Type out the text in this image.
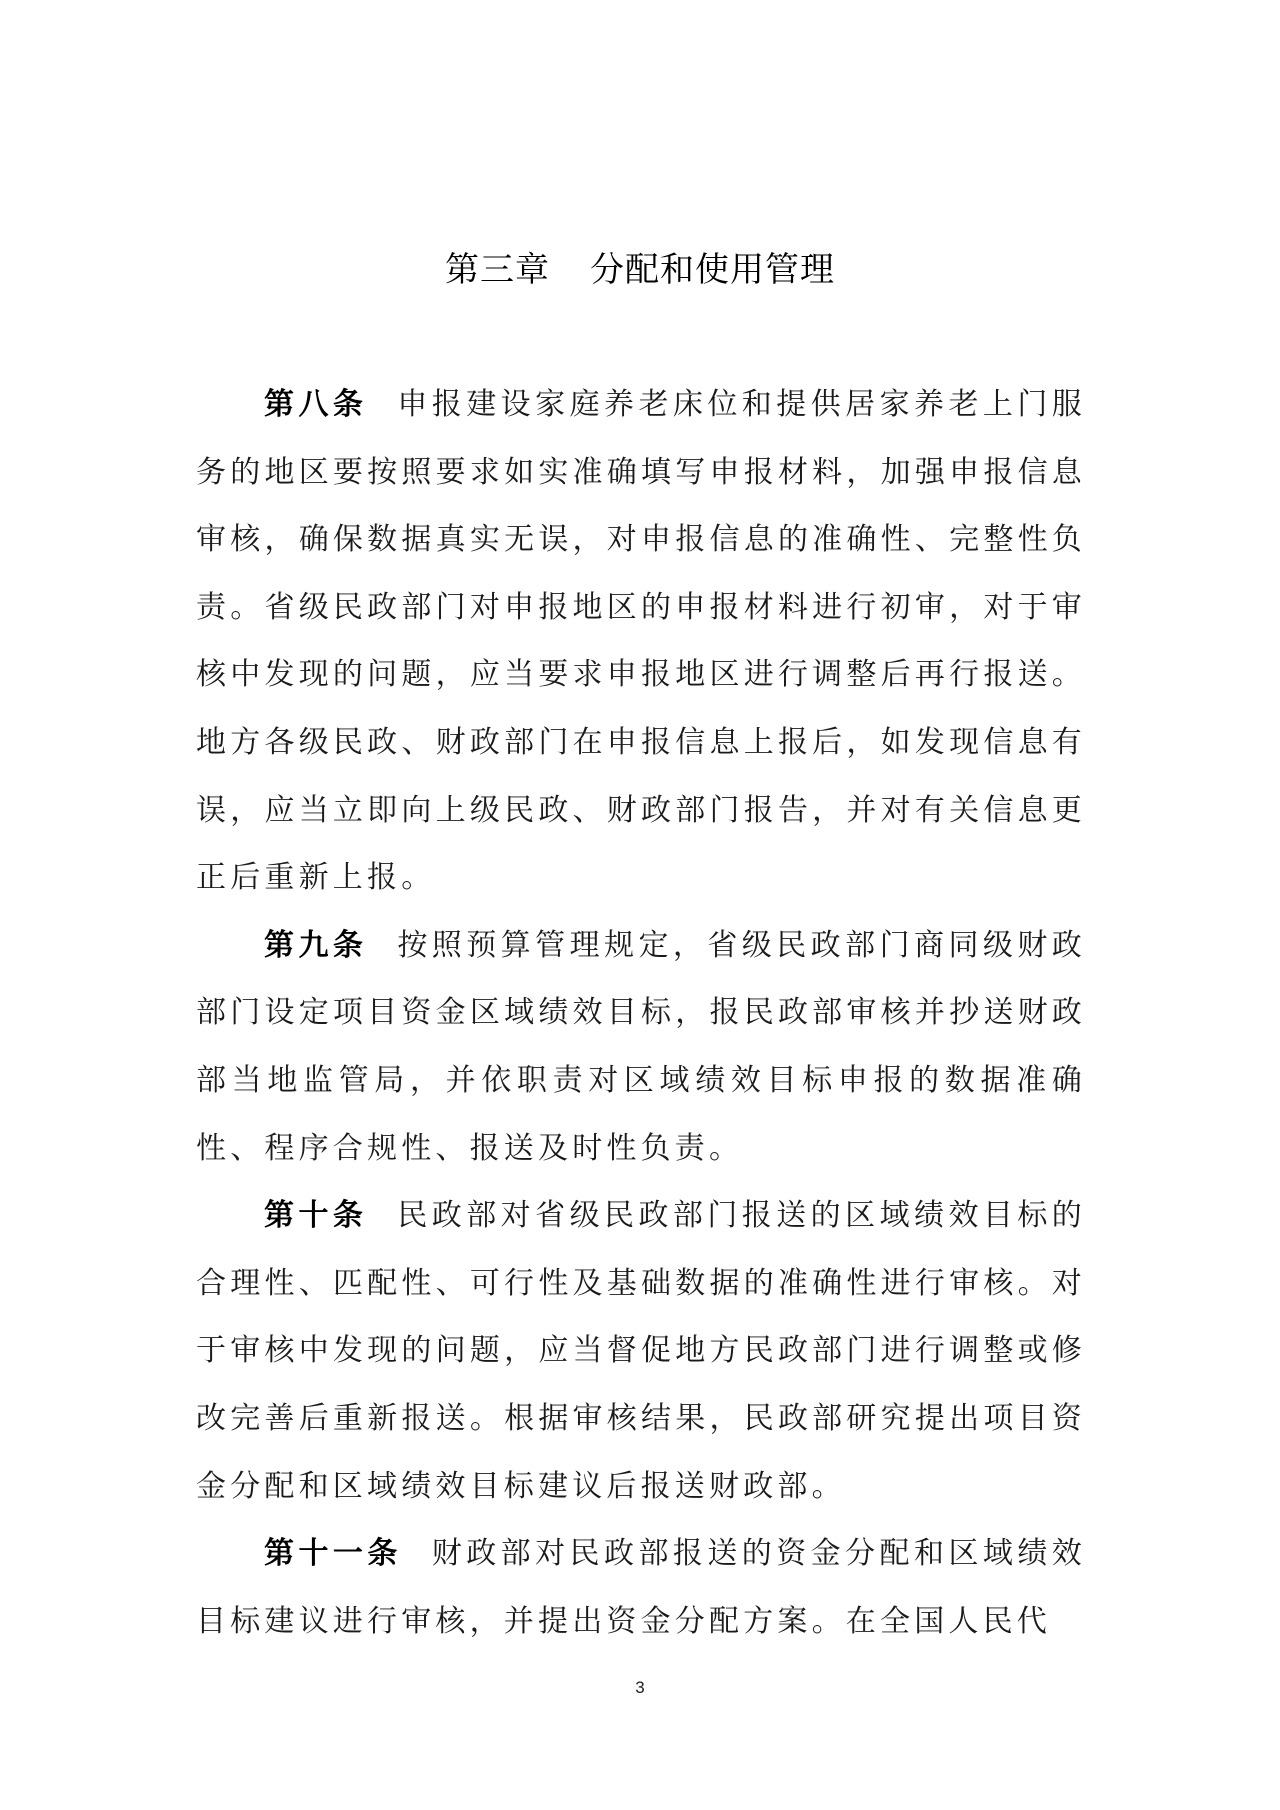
第三章 分配和使用管理

第八条 申报建设家庭养老床位和提供居家养老上门服务的地区要按照要求如实准确填写申报材料，加强申报信息审核，确保数据真实无误，对申报信息的准确性、完整性负责。省级民政部门对申报地区的申报材料进行初审，对于审核中发现的问题，应当要求申报地区进行调整后再行报送。地方各级民政、财政部门在申报信息上报后，如发现信息有误，应当立即向上级民政、财政部门报告，并对有关信息更正后重新上报。

第九条 按照预算管理规定，省级民政部门商同级财政部门设定项目资金区域绩效目标，报民政部审核并抄送财政部当地监管局，并依职责对区域绩效目标申报的数据准确性、程序合规性、报送及时性负责。

第十条 民政部对省级民政部门报送的区域绩效目标的合理性、匹配性、可行性及基础数据的准确性进行审核。对于审核中发现的问题，应当督促地方民政部门进行调整或修改完善后重新报送。根据审核结果，民政部研究提出项目资金分配和区域绩效目标建议后报送财政部。

第十一条 财政部对民政部报送的资金分配和区域绩效目标建议进行审核，并提出资金分配方案。在全国人民代

3
